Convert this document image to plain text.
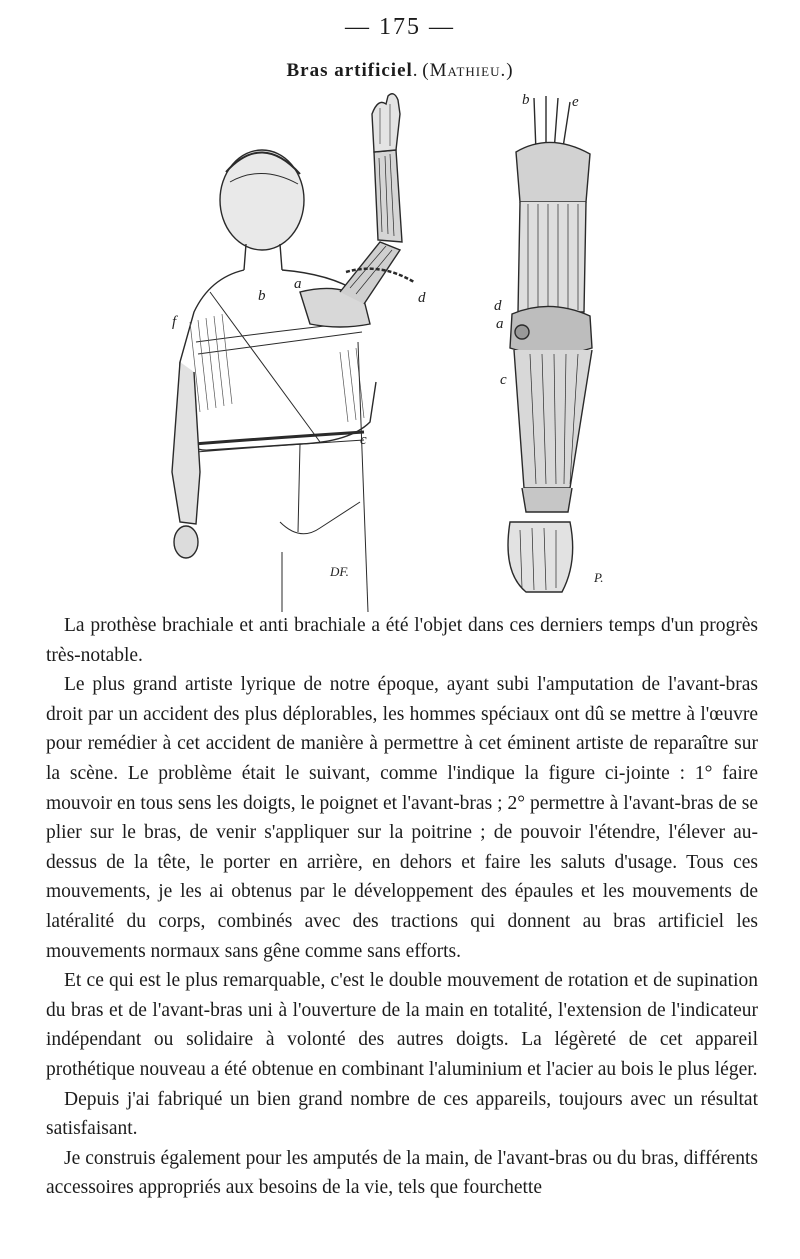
— 175 —
Bras artificiel. (Mathieu.)
a
b
c
d
f
DF.
a
b
c
d
e
P.

La prothèse brachiale et anti brachiale a été l'objet dans ces derniers temps d'un progrès très-notable.

Le plus grand artiste lyrique de notre époque, ayant subi l'amputation de l'avant-bras droit par un accident des plus déplorables, les hommes spéciaux ont dû se mettre à l'œuvre pour remédier à cet accident de manière à permettre à cet éminent artiste de reparaître sur la scène. Le problème était le suivant, comme l'indique la figure ci-jointe : 1° faire mouvoir en tous sens les doigts, le poignet et l'avant-bras ; 2° permettre à l'avant-bras de se plier sur le bras, de venir s'appliquer sur la poitrine ; de pouvoir l'étendre, l'élever au-dessus de la tête, le porter en arrière, en dehors et faire les saluts d'usage. Tous ces mouvements, je les ai obtenus par le développement des épaules et les mouvements de latéralité du corps, combinés avec des tractions qui donnent au bras artificiel les mouvements normaux sans gêne comme sans efforts.

Et ce qui est le plus remarquable, c'est le double mouvement de rotation et de supination du bras et de l'avant-bras uni à l'ouverture de la main en totalité, l'extension de l'indicateur indépendant ou solidaire à volonté des autres doigts. La légèreté de cet appareil prothétique nouveau a été obtenue en combinant l'aluminium et l'acier au bois le plus léger.

Depuis j'ai fabriqué un bien grand nombre de ces appareils, toujours avec un résultat satisfaisant.

Je construis également pour les amputés de la main, de l'avant-bras ou du bras, différents accessoires appropriés aux besoins de la vie, tels que fourchette
